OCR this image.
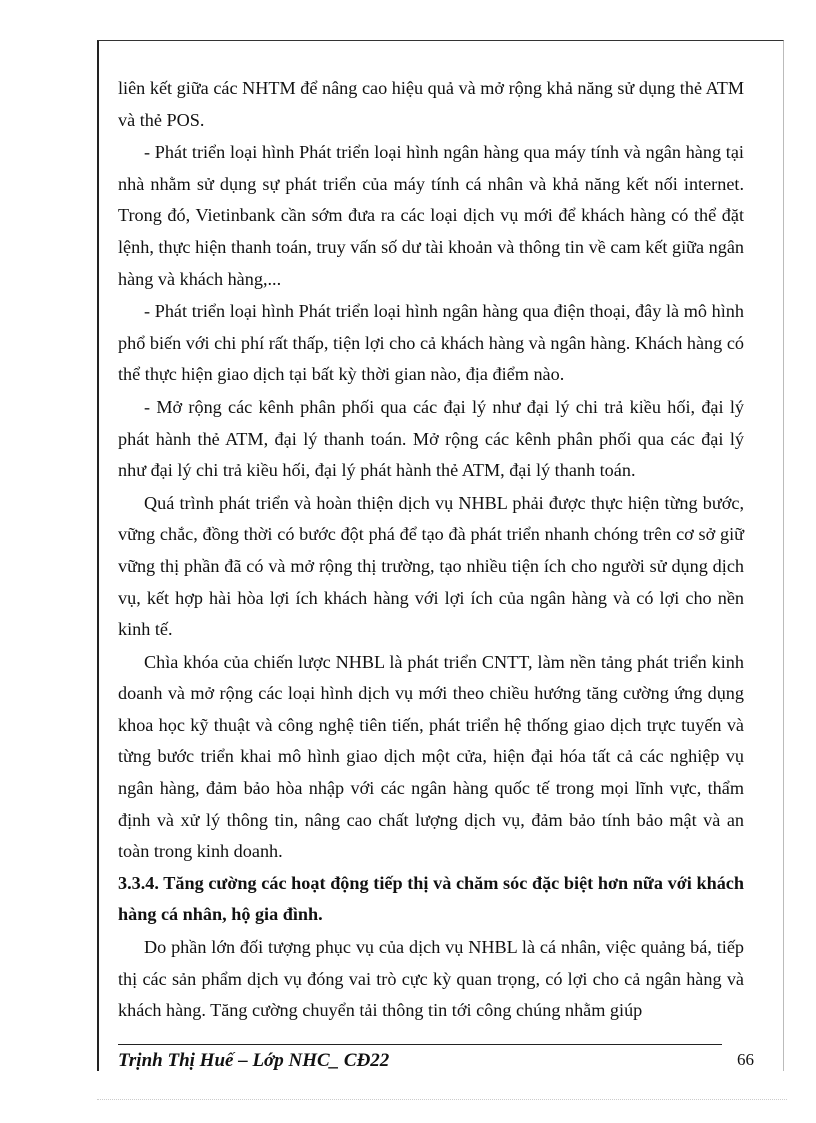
liên kết giữa các NHTM để nâng cao hiệu quả và mở rộng khả năng sử dụng thẻ ATM và thẻ POS.

- Phát triển loại hình Phát triển loại hình ngân hàng qua máy tính và ngân hàng tại nhà nhằm sử dụng sự phát triển của máy tính cá nhân và khả năng kết nối internet. Trong đó, Vietinbank cần sớm đưa ra các loại dịch vụ mới để khách hàng có thể đặt lệnh, thực hiện thanh toán, truy vấn số dư tài khoản và thông tin về cam kết giữa ngân hàng và khách hàng,...

- Phát triển loại hình Phát triển loại hình ngân hàng qua điện thoại, đây là mô hình phổ biến với chi phí rất thấp, tiện lợi cho cả khách hàng và ngân hàng. Khách hàng có thể thực hiện giao dịch tại bất kỳ thời gian nào, địa điểm nào.

- Mở rộng các kênh phân phối qua các đại lý như đại lý chi trả kiều hối, đại lý phát hành thẻ ATM, đại lý thanh toán. Mở rộng các kênh phân phối qua các đại lý như đại lý chi trả kiều hối, đại lý phát hành thẻ ATM, đại lý thanh toán.

Quá trình phát triển và hoàn thiện dịch vụ NHBL phải được thực hiện từng bước, vững chắc, đồng thời có bước đột phá để tạo đà phát triển nhanh chóng trên cơ sở giữ vững thị phần đã có và mở rộng thị trường, tạo nhiều tiện ích cho người sử dụng dịch vụ, kết hợp hài hòa lợi ích khách hàng với lợi ích của ngân hàng và có lợi cho nền kinh tế.

Chìa khóa của chiến lược NHBL là phát triển CNTT, làm nền tảng phát triển kinh doanh và mở rộng các loại hình dịch vụ mới theo chiều hướng tăng cường ứng dụng khoa học kỹ thuật và công nghệ tiên tiến, phát triển hệ thống giao dịch trực tuyến và từng bước triển khai mô hình giao dịch một cửa, hiện đại hóa tất cả các nghiệp vụ ngân hàng, đảm bảo hòa nhập với các ngân hàng quốc tế trong mọi lĩnh vực, thẩm định và xử lý thông tin, nâng cao chất lượng dịch vụ, đảm bảo tính bảo mật và an toàn trong kinh doanh.

3.3.4. Tăng cường các hoạt động tiếp thị và chăm sóc đặc biệt hơn nữa với khách hàng cá nhân, hộ gia đình.

Do phần lớn đối tượng phục vụ của dịch vụ NHBL là cá nhân, việc quảng bá, tiếp thị các sản phẩm dịch vụ đóng vai trò cực kỳ quan trọng, có lợi cho cả ngân hàng và khách hàng. Tăng cường chuyển tải thông tin tới công chúng nhằm giúp

Trịnh Thị Huế – Lớp NHC_ CĐ22	66
